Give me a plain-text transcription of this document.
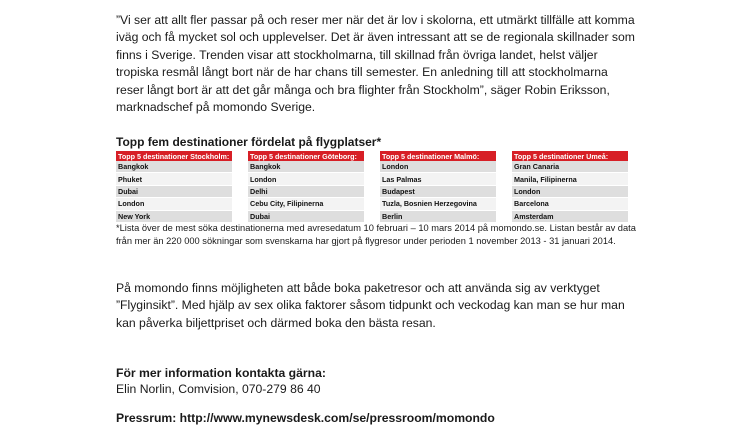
”Vi ser att allt fler passar på och reser mer när det är lov i skolorna, ett utmärkt tillfälle att komma iväg och få mycket sol och upplevelser. Det är även intressant att se de regionala skillnader som finns i Sverige. Trenden visar att stockholmarna, till skillnad från övriga landet, helst väljer tropiska resmål långt bort när de har chans till semester. En anledning till att stockholmarna reser långt bort är att det går många och bra flighter från Stockholm”, säger Robin Eriksson, marknadschef på momondo Sverige.

Topp fem destinationer fördelat på flygplatser*

Topp 5 destinationer Stockholm:
Bangkok
Phuket
Dubai
London
New York
Topp 5 destinationer Göteborg:
Bangkok
London
Delhi
Cebu City, Filipinerna
Dubai
Topp 5 destinationer Malmö:
London
Las Palmas
Budapest
Tuzla, Bosnien Herzegovina
Berlin
Topp 5 destinationer Umeå:
Gran Canaria
Manila, Filipinerna
London
Barcelona
Amsterdam

*Lista över de mest söka destinationerna med avresedatum 10 februari – 10 mars 2014 på momondo.se. Listan består av data från mer än 220 000 sökningar som svenskarna har gjort på flygresor under perioden 1 november 2013 - 31 januari 2014.

På momondo finns möjligheten att både boka paketresor och att använda sig av verktyget ”Flyginsikt”. Med hjälp av sex olika faktorer såsom tidpunkt och veckodag kan man se hur man kan påverka biljettpriset och därmed boka den bästa resan.

För mer information kontakta gärna:

Elin Norlin, Comvision, 070-279 86 40

Pressrum: http://www.mynewsdesk.com/se/pressroom/momondo
